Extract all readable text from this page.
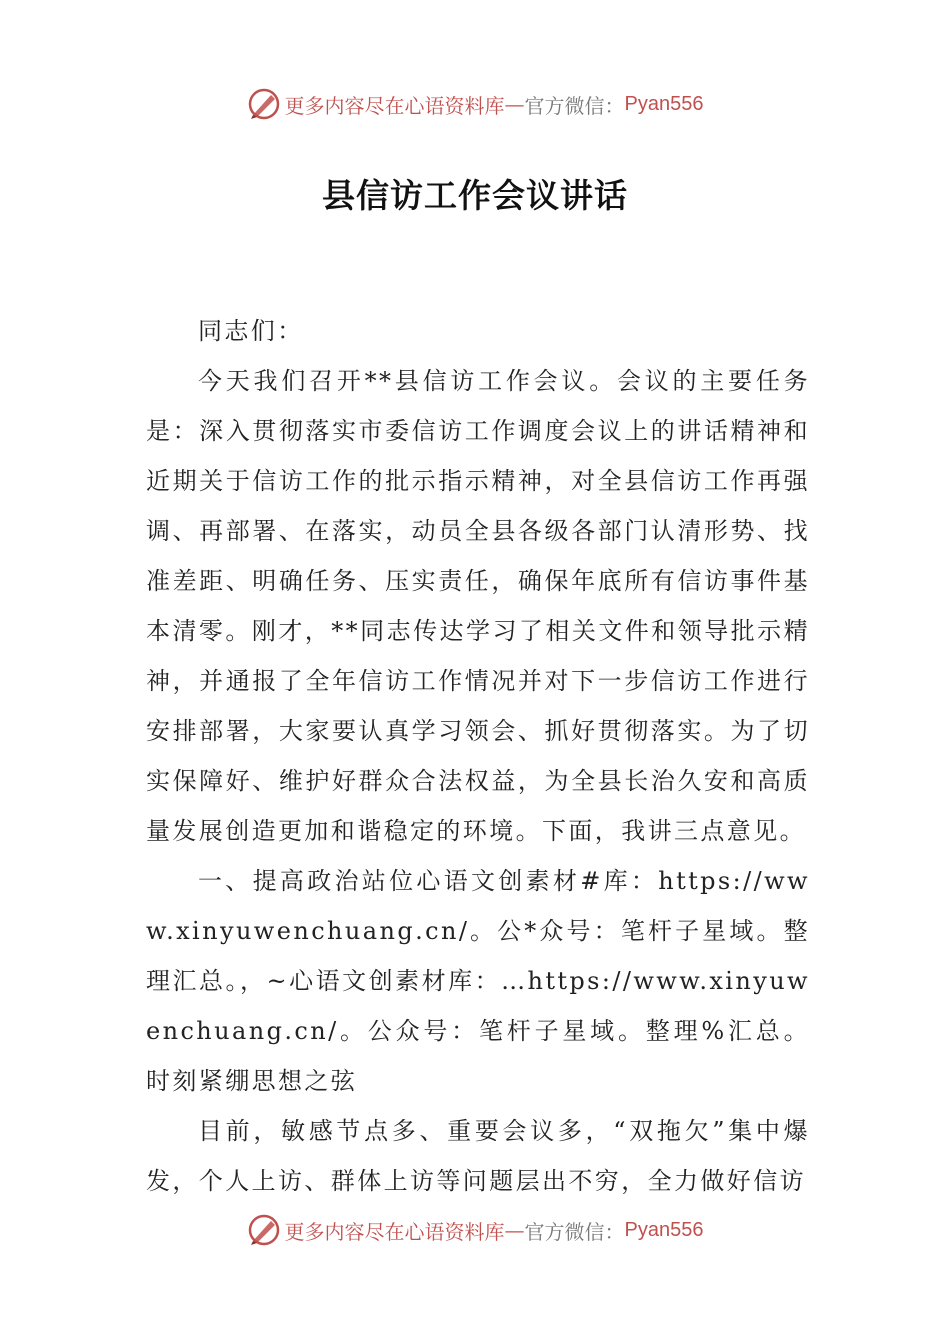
更多内容尽在心语资料库 — 官方微信： Pyan556
县信访工作会议讲话

同志们：

今天我们召开**县信访工作会议。会议的主要任务是：深入贯彻落实市委信访工作调度会议上的讲话精神和近期关于信访工作的批示指示精神，对全县信访工作再强调、再部署、在落实，动员全县各级各部门认清形势、找准差距、明确任务、压实责任，确保年底所有信访事件基本清零。刚才，**同志传达学习了相关文件和领导批示精神，并通报了全年信访工作情况并对下一步信访工作进行安排部署，大家要认真学习领会、抓好贯彻落实。为了切实保障好、维护好群众合法权益，为全县长治久安和高质量发展创造更加和谐稳定的环境。下面，我讲三点意见。

一、提高政治站位心语文创素材#库：https://www.xinyuwenchuang.cn/。公*众号：笔杆子星域。整理汇总。，~心语文创素材库：…https://www.xinyuwenchuang.cn/。公众号：笔杆子星域。整理%汇总。时刻紧绷思想之弦

目前，敏感节点多、重要会议多，“双拖欠”集中爆发，个人上访、群体上访等问题层出不穷，全力做好信访

更多内容尽在心语资料库 — 官方微信： Pyan556
